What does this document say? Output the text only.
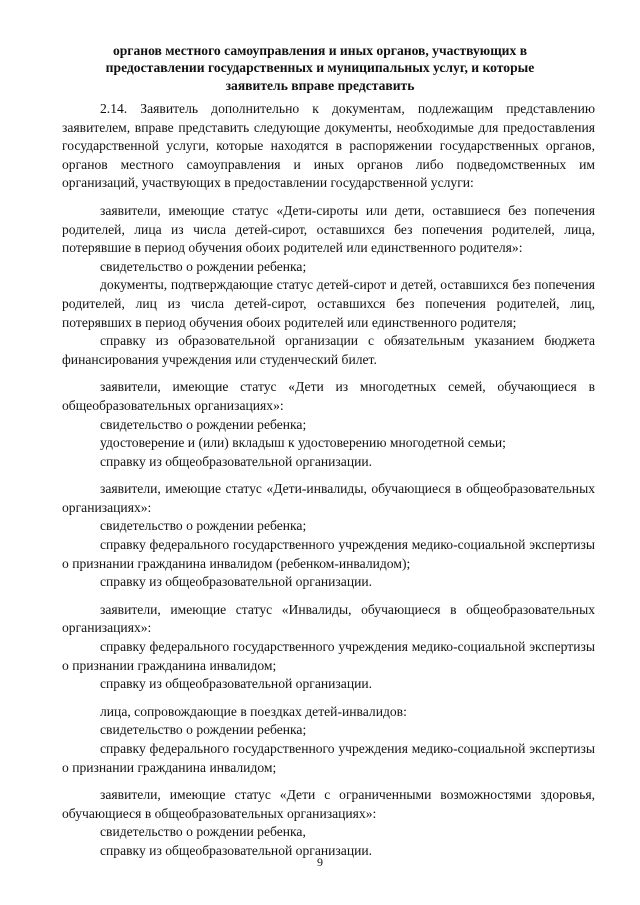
органов местного самоуправления и иных органов, участвующих в
предоставлении государственных и муниципальных услуг, и которые
заявитель вправе представить

2.14. Заявитель дополнительно к документам, подлежащим представлению заявителем, вправе представить следующие документы, необходимые для предоставления государственной услуги, которые находятся в распоряжении государственных органов, органов местного самоуправления и иных органов либо подведомственных им организаций, участвующих в предоставлении государственной услуги:

заявители, имеющие статус «Дети-сироты или дети, оставшиеся без попечения родителей, лица из числа детей-сирот, оставшихся без попечения родителей, лица, потерявшие в период обучения обоих родителей или единственного родителя»:

свидетельство о рождении ребенка;

документы, подтверждающие статус детей-сирот и детей, оставшихся без попечения родителей, лиц из числа детей-сирот, оставшихся без попечения родителей, лиц, потерявших в период обучения обоих родителей или единственного родителя;

справку из образовательной организации с обязательным указанием бюджета финансирования учреждения или студенческий билет.

заявители, имеющие статус «Дети из многодетных семей, обучающиеся в общеобразовательных организациях»:

свидетельство о рождении ребенка;

удостоверение и (или) вкладыш к удостоверению многодетной семьи;

справку из общеобразовательной организации.

заявители, имеющие статус «Дети-инвалиды, обучающиеся в общеобразовательных организациях»:

свидетельство о рождении ребенка;

справку федерального государственного учреждения медико-социальной экспертизы о признании гражданина инвалидом (ребенком-инвалидом);

справку из общеобразовательной организации.

заявители, имеющие статус «Инвалиды, обучающиеся в общеобразовательных организациях»:

справку федерального государственного учреждения медико-социальной экспертизы о признании гражданина инвалидом;

справку из общеобразовательной организации.

лица, сопровождающие в поездках детей-инвалидов:

свидетельство о рождении ребенка;

справку федерального государственного учреждения медико-социальной экспертизы о признании гражданина инвалидом;

заявители, имеющие статус «Дети с ограниченными возможностями здоровья, обучающиеся в общеобразовательных организациях»:

свидетельство о рождении ребенка,

справку из общеобразовательной организации.

9
